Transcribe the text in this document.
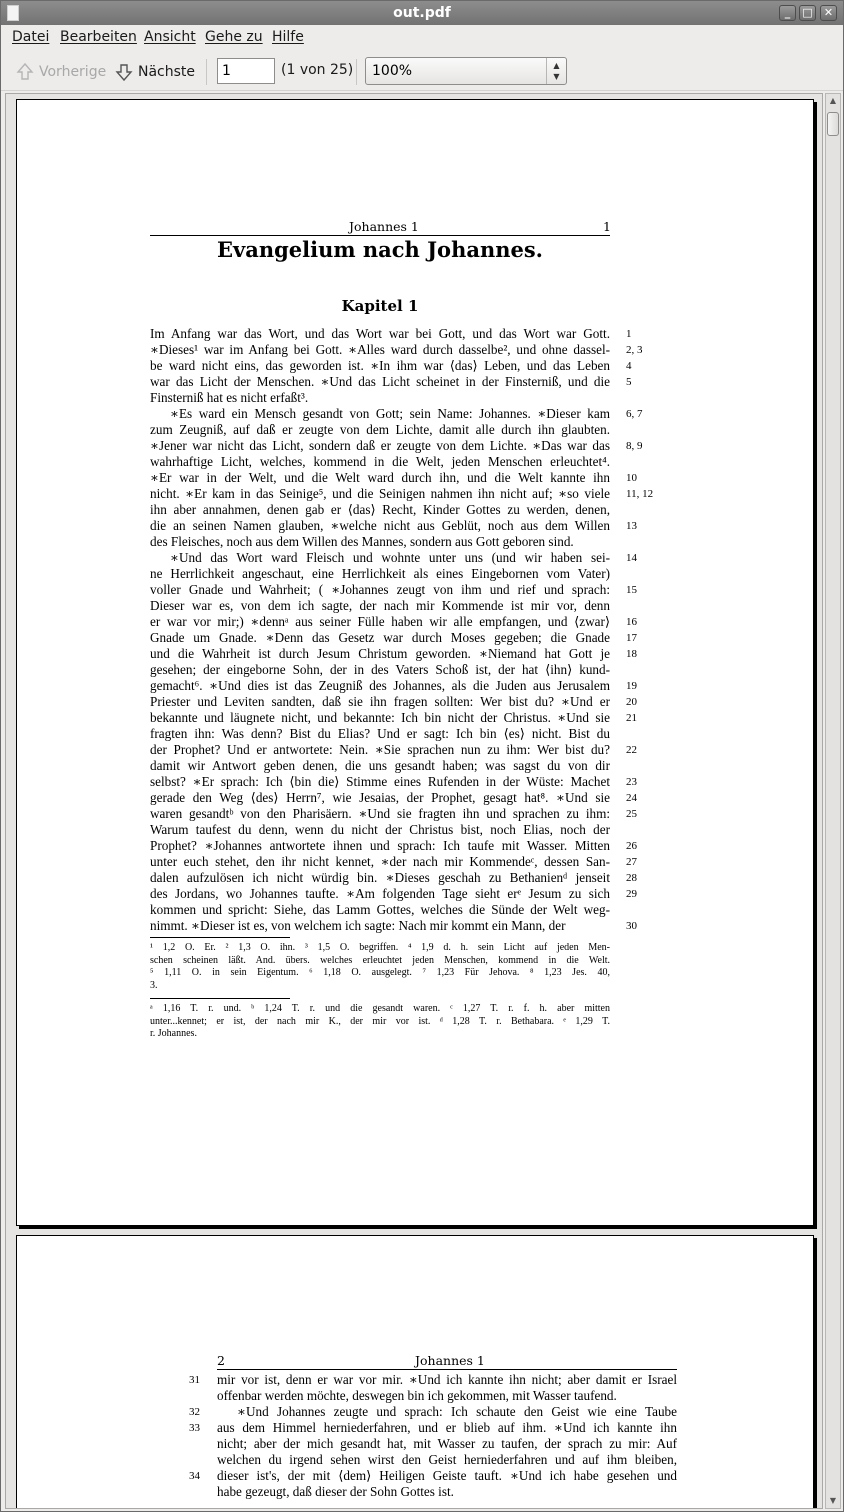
out.pdf	_	□	✕
Datei Bearbeiten Ansicht Gehe zu Hilfe
Vorherige Nächste
1	(1 von 25)	100%	▲
▼
Johannes 1	1
Evangelium nach Johannes.
Kapitel 1
Im Anfang war das Wort, und das Wort war bei Gott, und das Wort war Gott.
∗Dieses¹ war im Anfang bei Gott. ∗Alles ward durch dasselbe², und ohne dassel-
be ward nicht eins, das geworden ist. ∗In ihm war ⟨das⟩ Leben, und das Leben
war das Licht der Menschen. ∗Und das Licht scheinet in der Finsterniß, und die
Finsterniß hat es nicht erfaßt³.
∗Es ward ein Mensch gesandt von Gott; sein Name: Johannes. ∗Dieser kam
zum Zeugniß, auf daß er zeugte von dem Lichte, damit alle durch ihn glaubten.
∗Jener war nicht das Licht, sondern daß er zeugte von dem Lichte. ∗Das war das
wahrhaftige Licht, welches, kommend in die Welt, jeden Menschen erleuchtet⁴.
∗Er war in der Welt, und die Welt ward durch ihn, und die Welt kannte ihn
nicht. ∗Er kam in das Seinige⁵, und die Seinigen nahmen ihn nicht auf; ∗so viele
ihn aber annahmen, denen gab er ⟨das⟩ Recht, Kinder Gottes zu werden, denen,
die an seinen Namen glauben, ∗welche nicht aus Geblüt, noch aus dem Willen
des Fleisches, noch aus dem Willen des Mannes, sondern aus Gott geboren sind.
∗Und das Wort ward Fleisch und wohnte unter uns (und wir haben sei-
ne Herrlichkeit angeschaut, eine Herrlichkeit als eines Eingebornen vom Vater)
voller Gnade und Wahrheit; ( ∗Johannes zeugt von ihm und rief und sprach:
Dieser war es, von dem ich sagte, der nach mir Kommende ist mir vor, denn
er war vor mir;) ∗dennᵃ aus seiner Fülle haben wir alle empfangen, und ⟨zwar⟩
Gnade um Gnade. ∗Denn das Gesetz war durch Moses gegeben; die Gnade
und die Wahrheit ist durch Jesum Christum geworden. ∗Niemand hat Gott je
gesehen; der eingeborne Sohn, der in des Vaters Schoß ist, der hat ⟨ihn⟩ kund-
gemacht⁶. ∗Und dies ist das Zeugniß des Johannes, als die Juden aus Jerusalem
Priester und Leviten sandten, daß sie ihn fragen sollten: Wer bist du? ∗Und er
bekannte und läugnete nicht, und bekannte: Ich bin nicht der Christus. ∗Und sie
fragten ihn: Was denn? Bist du Elias? Und er sagt: Ich bin ⟨es⟩ nicht. Bist du
der Prophet? Und er antwortete: Nein. ∗Sie sprachen nun zu ihm: Wer bist du?
damit wir Antwort geben denen, die uns gesandt haben; was sagst du von dir
selbst? ∗Er sprach: Ich ⟨bin die⟩ Stimme eines Rufenden in der Wüste: Machet
gerade den Weg ⟨des⟩ Herrn⁷, wie Jesaias, der Prophet, gesagt hat⁸. ∗Und sie
waren gesandtᵇ von den Pharisäern. ∗Und sie fragten ihn und sprachen zu ihm:
Warum taufest du denn, wenn du nicht der Christus bist, noch Elias, noch der
Prophet? ∗Johannes antwortete ihnen und sprach: Ich taufe mit Wasser. Mitten
unter euch stehet, den ihr nicht kennet, ∗der nach mir Kommendeᶜ, dessen San-
dalen aufzulösen ich nicht würdig bin. ∗Dieses geschah zu Bethanienᵈ jenseit
des Jordans, wo Johannes taufte. ∗Am folgenden Tage sieht erᵉ Jesum zu sich
kommen und spricht: Siehe, das Lamm Gottes, welches die Sünde der Welt weg-
nimmt. ∗Dieser ist es, von welchem ich sagte: Nach mir kommt ein Mann, der
1
2, 3
4
5
6, 7
8, 9
10
11, 12
13
14
15
16
17
18
19
20
21
22
23
24
25
26
27
28
29
30
¹ 1,2 O. Er. ² 1,3 O. ihn. ³ 1,5 O. begriffen. ⁴ 1,9 d. h. sein Licht auf jeden Men-
schen scheinen läßt. And. übers. welches erleuchtet jeden Menschen, kommend in die Welt.
⁵ 1,11 O. in sein Eigentum. ⁶ 1,18 O. ausgelegt. ⁷ 1,23 Für Jehova. ⁸ 1,23 Jes. 40,
3.
ᵃ 1,16 T. r. und. ᵇ 1,24 T. r. und die gesandt waren. ᶜ 1,27 T. r. f. h. aber mitten
unter...kennet; er ist, der nach mir K., der mir vor ist. ᵈ 1,28 T. r. Bethabara. ᵉ 1,29 T.
r. Johannes.
2	Johannes 1
mir vor ist, denn er war vor mir. ∗Und ich kannte ihn nicht; aber damit er Israel
offenbar werden möchte, deswegen bin ich gekommen, mit Wasser taufend.
∗Und Johannes zeugte und sprach: Ich schaute den Geist wie eine Taube
aus dem Himmel herniederfahren, und er blieb auf ihm. ∗Und ich kannte ihn
nicht; aber der mich gesandt hat, mit Wasser zu taufen, der sprach zu mir: Auf
welchen du irgend sehen wirst den Geist herniederfahren und auf ihm bleiben,
dieser ist's, der mit ⟨dem⟩ Heiligen Geiste tauft. ∗Und ich habe gesehen und
habe gezeugt, daß dieser der Sohn Gottes ist.
31
32
33
34
▲
▼
